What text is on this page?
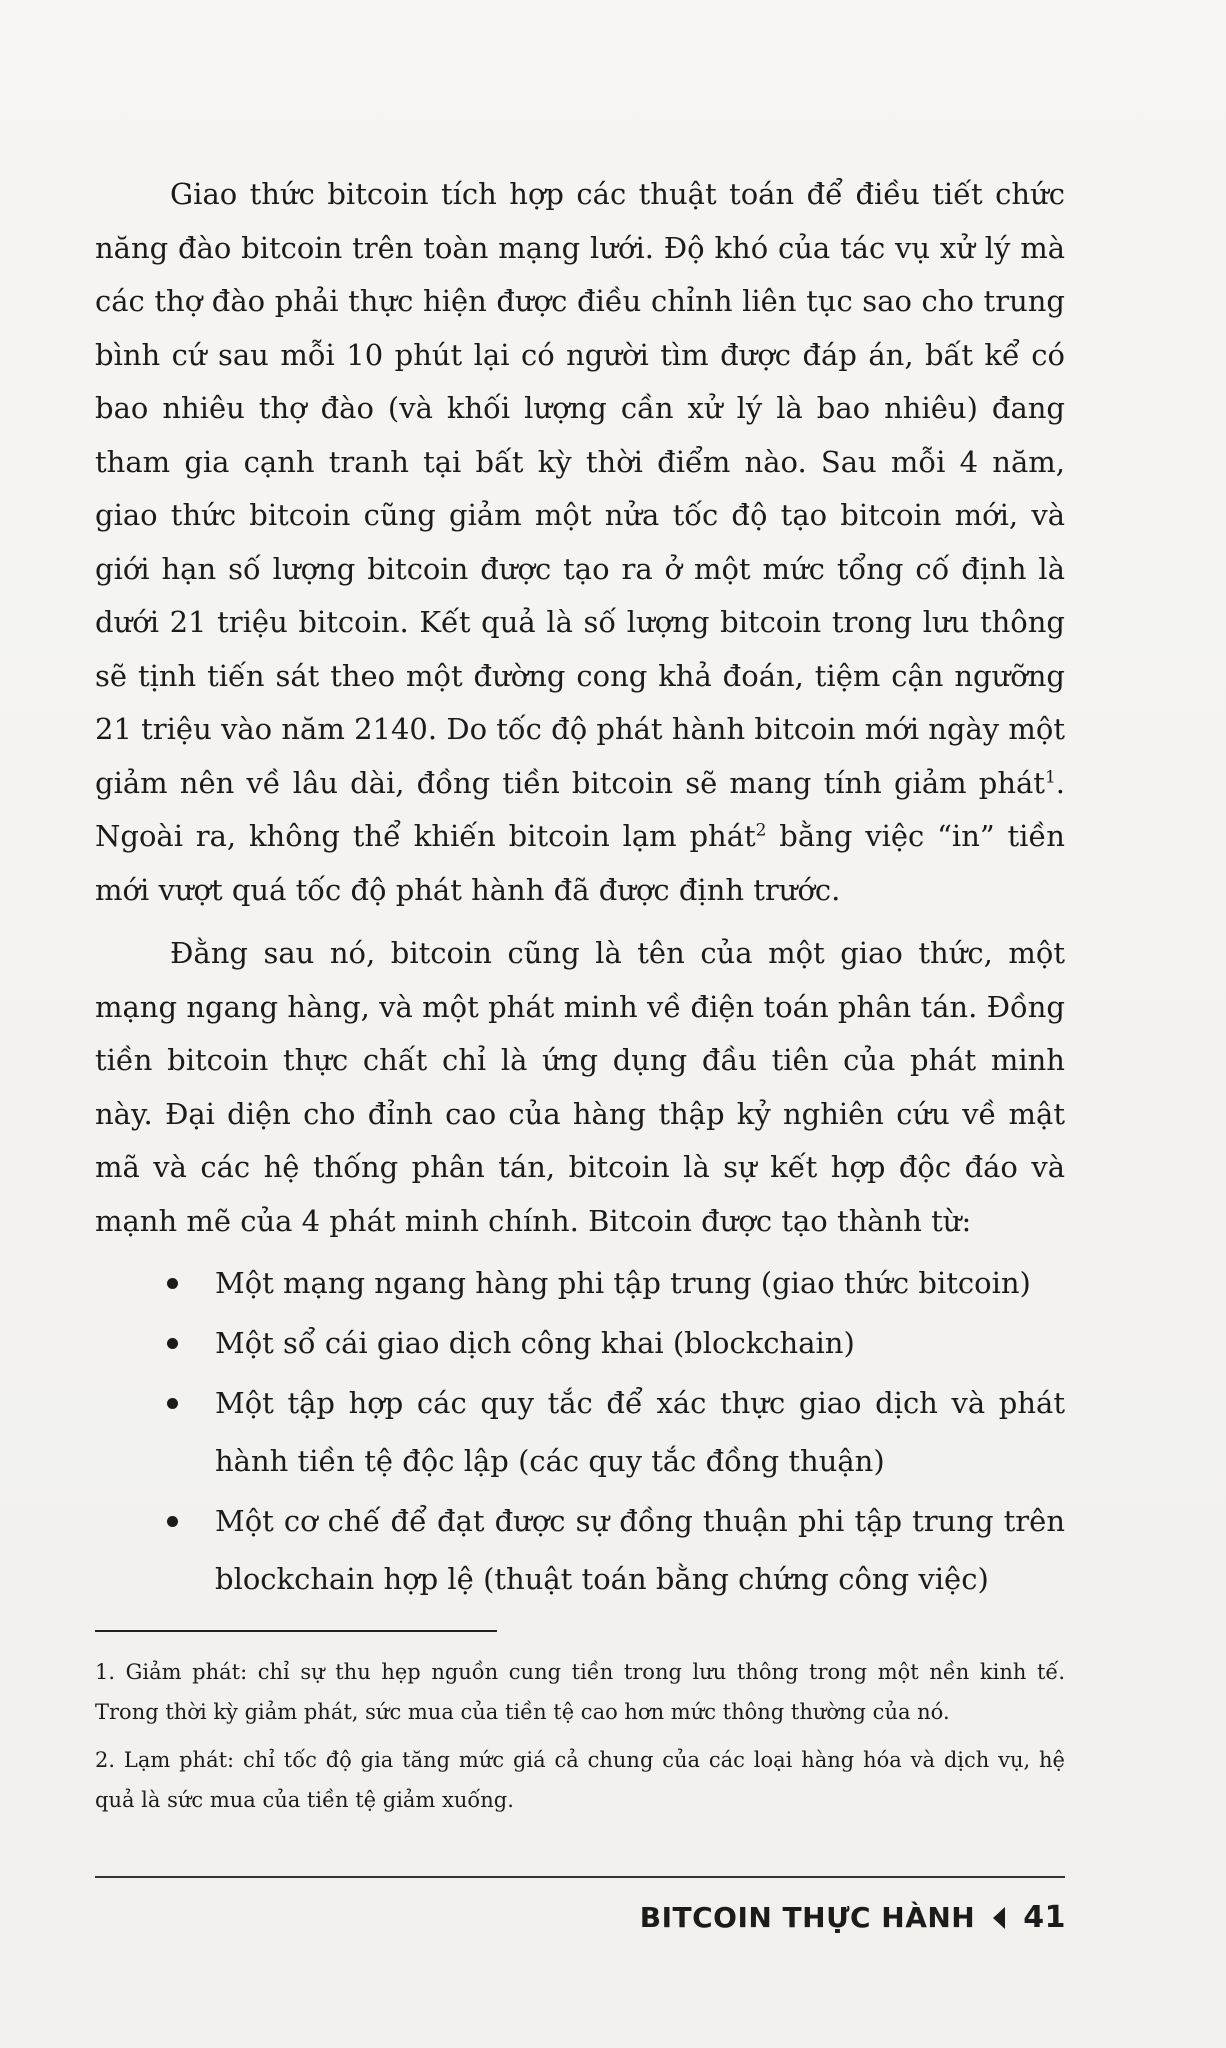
Giao thức bitcoin tích hợp các thuật toán để điều tiết chức năng đào bitcoin trên toàn mạng lưới. Độ khó của tác vụ xử lý mà các thợ đào phải thực hiện được điều chỉnh liên tục sao cho trung bình cứ sau mỗi 10 phút lại có người tìm được đáp án, bất kể có bao nhiêu thợ đào (và khối lượng cần xử lý là bao nhiêu) đang tham gia cạnh tranh tại bất kỳ thời điểm nào. Sau mỗi 4 năm, giao thức bitcoin cũng giảm một nửa tốc độ tạo bitcoin mới, và giới hạn số lượng bitcoin được tạo ra ở một mức tổng cố định là dưới 21 triệu bitcoin. Kết quả là số lượng bitcoin trong lưu thông sẽ tịnh tiến sát theo một đường cong khả đoán, tiệm cận ngưỡng 21 triệu vào năm 2140. Do tốc độ phát hành bitcoin mới ngày một giảm nên về lâu dài, đồng tiền bitcoin sẽ mang tính giảm phát$^1$. Ngoài ra, không thể khiến bitcoin lạm phát$^2$ bằng việc “in” tiền mới vượt quá tốc độ phát hành đã được định trước.

Đằng sau nó, bitcoin cũng là tên của một giao thức, một mạng ngang hàng, và một phát minh về điện toán phân tán. Đồng tiền bitcoin thực chất chỉ là ứng dụng đầu tiên của phát minh này. Đại diện cho đỉnh cao của hàng thập kỷ nghiên cứu về mật mã và các hệ thống phân tán, bitcoin là sự kết hợp độc đáo và mạnh mẽ của 4 phát minh chính. Bitcoin được tạo thành từ:

Một mạng ngang hàng phi tập trung (giao thức bitcoin)
Một sổ cái giao dịch công khai (blockchain)
Một tập hợp các quy tắc để xác thực giao dịch và phát hành tiền tệ độc lập (các quy tắc đồng thuận)
Một cơ chế để đạt được sự đồng thuận phi tập trung trên blockchain hợp lệ (thuật toán bằng chứng công việc)

1. Giảm phát: chỉ sự thu hẹp nguồn cung tiền trong lưu thông trong một nền kinh tế. Trong thời kỳ giảm phát, sức mua của tiền tệ cao hơn mức thông thường của nó.

2. Lạm phát: chỉ tốc độ gia tăng mức giá cả chung của các loại hàng hóa và dịch vụ, hệ quả là sức mua của tiền tệ giảm xuống.

BITCOIN THỰC HÀNH 41
